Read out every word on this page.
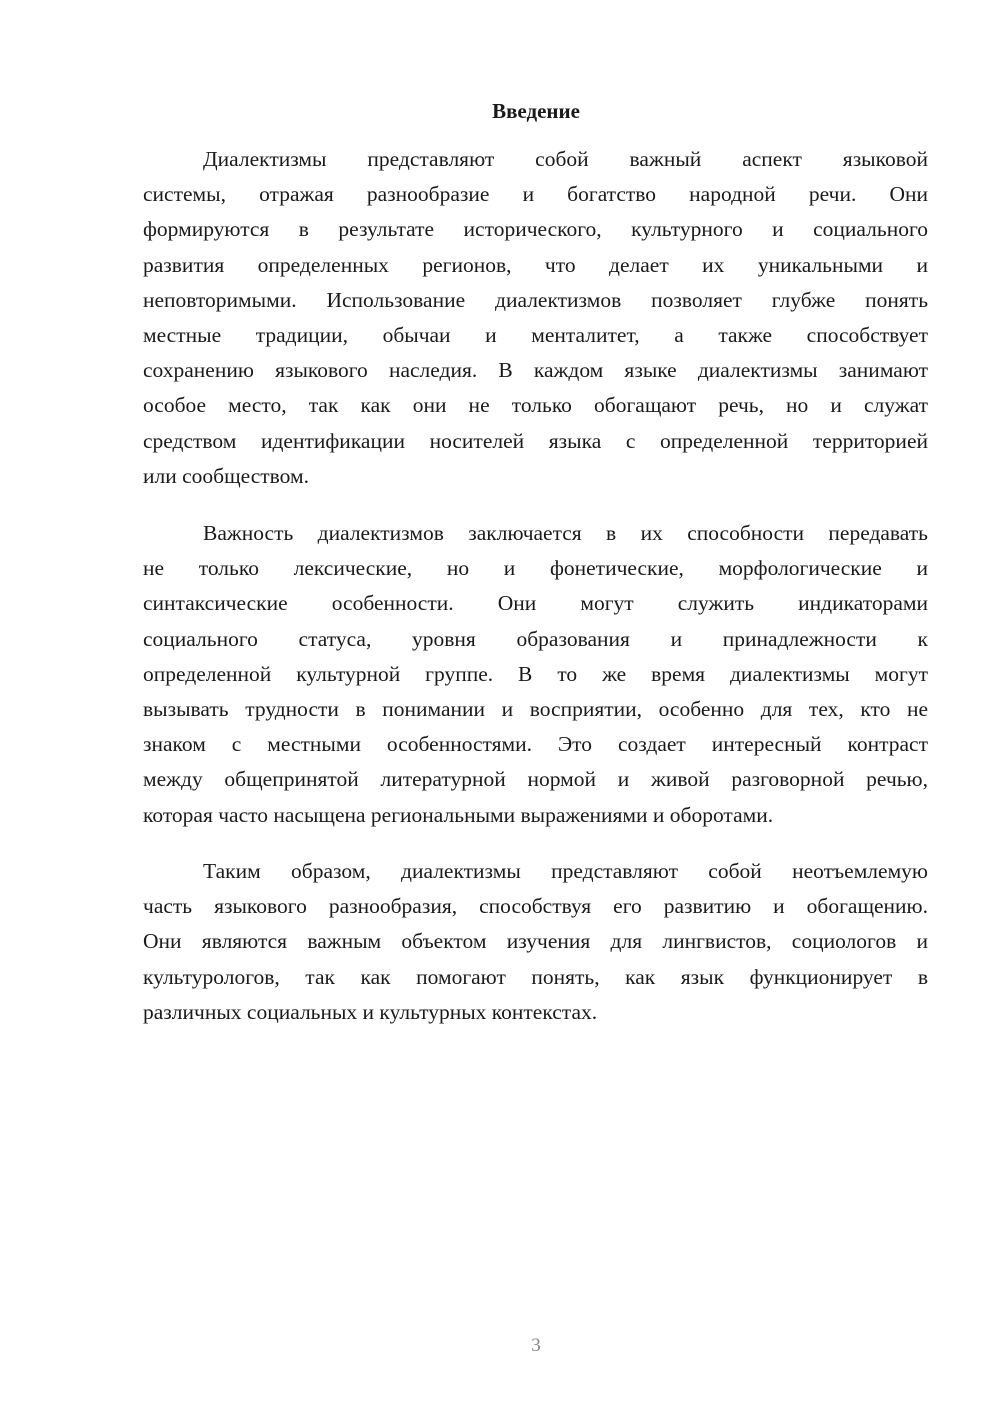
Введение
Диалектизмы представляют собой важный аспект языковой
системы, отражая разнообразие и богатство народной речи. Они
формируются в результате исторического, культурного и социального
развития определенных регионов, что делает их уникальными и
неповторимыми. Использование диалектизмов позволяет глубже понять
местные традиции, обычаи и менталитет, а также способствует
сохранению языкового наследия. В каждом языке диалектизмы занимают
особое место, так как они не только обогащают речь, но и служат
средством идентификации носителей языка с определенной территорией
или сообществом.
Важность диалектизмов заключается в их способности передавать
не только лексические, но и фонетические, морфологические и
синтаксические особенности. Они могут служить индикаторами
социального статуса, уровня образования и принадлежности к
определенной культурной группе. В то же время диалектизмы могут
вызывать трудности в понимании и восприятии, особенно для тех, кто не
знаком с местными особенностями. Это создает интересный контраст
между общепринятой литературной нормой и живой разговорной речью,
которая часто насыщена региональными выражениями и оборотами.
Таким образом, диалектизмы представляют собой неотъемлемую
часть языкового разнообразия, способствуя его развитию и обогащению.
Они являются важным объектом изучения для лингвистов, социологов и
культурологов, так как помогают понять, как язык функционирует в
различных социальных и культурных контекстах.
3
